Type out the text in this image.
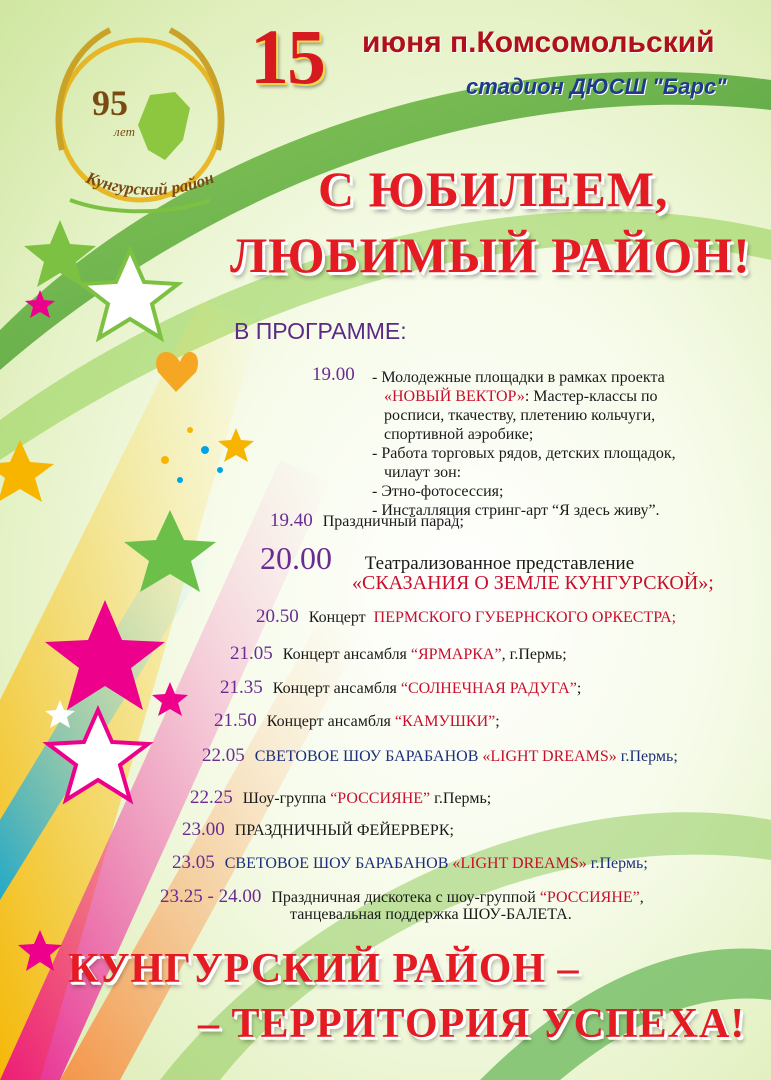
95
лет
Кунгурский район
15 июня п.Комсомольский
стадион ДЮСШ "Барс"
С ЮБИЛЕЕМ,
ЛЮБИМЫЙ РАЙОН!
В ПРОГРАММЕ:
19.00 - Молодежные площадки в рамках проекта
«НОВЫЙ ВЕКТОР»: Мастер-классы по
росписи, ткачеству, плетению кольчуги,
спортивной аэробике;
- Работа торговых рядов, детских площадок,
чилаут зон:
- Этно-фотосессия;
- Инсталляция стринг-арт “Я здесь живу”.
19.40 Праздничный парад;
20.00 Театрализованное представление
«СКАЗАНИЯ О ЗЕМЛЕ КУНГУРСКОЙ»;
20.50 Концерт ПЕРМСКОГО ГУБЕРНСКОГО ОРКЕСТРА;
21.05 Концерт ансамбля “ЯРМАРКА”, г.Пермь;
21.35 Концерт ансамбля “СОЛНЕЧНАЯ РАДУГА”;
21.50 Концерт ансамбля “КАМУШКИ”;
22.05 СВЕТОВОЕ ШОУ БАРАБАНОВ «LIGHT DREAMS» г.Пермь;
22.25 Шоу-группа “РОССИЯНЕ” г.Пермь;
23.00 ПРАЗДНИЧНЫЙ ФЕЙЕРВЕРК;
23.05 СВЕТОВОЕ ШОУ БАРАБАНОВ «LIGHT DREAMS» г.Пермь;
23.25 - 24.00 Праздничная дискотека с шоу-группой “РОССИЯНЕ”,
танцевальная поддержка ШОУ-БАЛЕТА.
КУНГУРСКИЙ РАЙОН –
– ТЕРРИТОРИЯ УСПЕХА!
